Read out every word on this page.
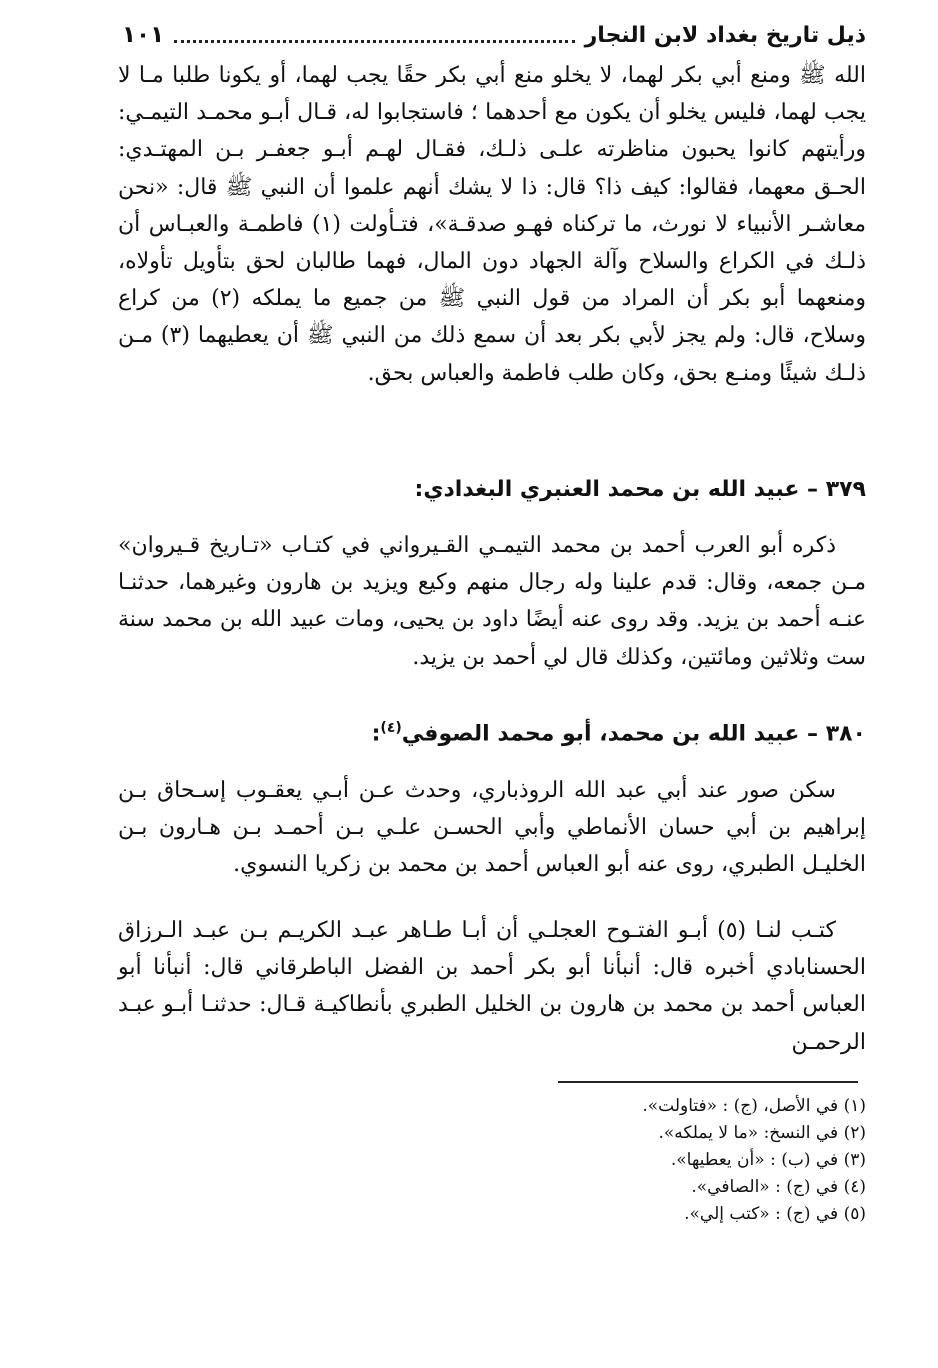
ذيل تاريخ بغداد لابن النجار
١٠١

الله ﷺ ومنع أبي بكر لهما، لا يخلو منع أبي بكر حقًا يجب لهما، أو يكونا طلبا مـا لا يجب لهما، فليس يخلو أن يكون مع أحدهما ؛ فاستجابوا له، قـال أبـو محمـد التيمـي: ورأيتهم كانوا يحبون مناظرته علـى ذلـك، فقـال لهـم أبـو جعفـر بـن المهتـدي: الحـق معهما، فقالوا: كيف ذا؟ قال: ذا لا يشك أنهم علموا أن النبي ﷺ قال: «نحن معاشـر الأنبياء لا نورث، ما تركناه فهـو صدقـة»، فتـأولت (١) فاطمـة والعبـاس أن ذلـك في الكراع والسلاح وآلة الجهاد دون المال، فهما طالبان لحق بتأويل تأولاه، ومنعهما أبو بكر أن المراد من قول النبي ﷺ من جميع ما يملكه (٢) من كراع وسلاح، قال: ولم يجز لأبي بكر بعد أن سمع ذلك من النبي ﷺ أن يعطيهما (٣) مـن ذلـك شيئًا ومنـع بحق، وكان طلب فاطمة والعباس بحق.

٣٧٩ – عبيد الله بن محمد العنبري البغدادي:

ذكره أبو العرب أحمد بن محمد التيمـي القـيرواني في كتـاب «تـاريخ قـيروان» مـن جمعه، وقال: قدم علينا وله رجال منهم وكيع ويزيد بن هارون وغيرهما، حدثنـا عنـه أحمد بن يزيد. وقد روى عنه أيضًا داود بن يحيى، ومات عبيد الله بن محمد سنة ست وثلاثين ومائتين، وكذلك قال لي أحمد بن يزيد.

٣٨٠ – عبيد الله بن محمد، أبو محمد الصوفي$^{(٤)}$:

سكن صور عند أبي عبد الله الروذباري، وحدث عـن أبـي يعقـوب إسـحاق بـن إبراهيم بن أبي حسان الأنماطي وأبي الحسـن علـي بـن أحمـد بـن هـارون بـن الخليـل الطبري، روى عنه أبو العباس أحمد بن محمد بن زكريا النسوي.

كتـب لنـا (٥) أبـو الفتـوح العجلـي أن أبـا طـاهر عبـد الكريـم بـن عبـد الـرزاق الحسنابادي أخبره قال: أنبأنا أبو بكر أحمد بن الفضل الباطرقاني قال: أنبأنا أبو العباس أحمد بن محمد بن هارون بن الخليل الطبري بأنطاكيـة قـال: حدثنـا أبـو عبـد الرحمـن

(١) في الأصل، (ج) : «فتاولت».

(٢) في النسخ: «ما لا يملكه».

(٣) في (ب) : «أن يعطيها».

(٤) في (ج) : «الصافي».

(٥) في (ج) : «كتب إلي».
